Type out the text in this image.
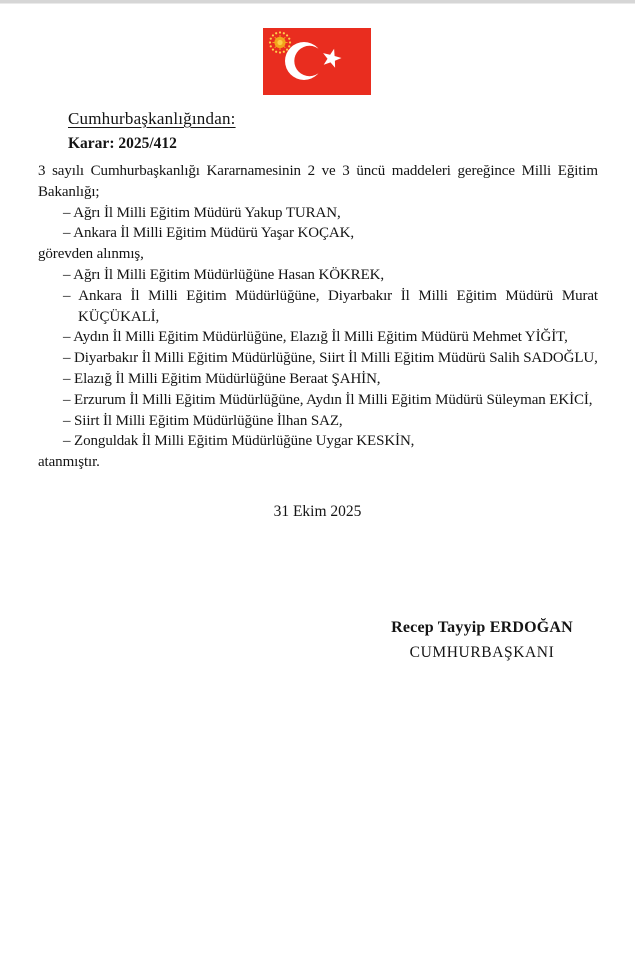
Cumhurbaşkanlığından:
Karar: 2025/412

3 sayılı Cumhurbaşkanlığı Kararnamesinin 2 ve 3 üncü maddeleri gereğince Milli Eğitim Bakanlığı;

– Ağrı İl Milli Eğitim Müdürü Yakup TURAN,

– Ankara İl Milli Eğitim Müdürü Yaşar KOÇAK,

görevden alınmış,

– Ağrı İl Milli Eğitim Müdürlüğüne Hasan KÖKREK,

– Ankara İl Milli Eğitim Müdürlüğüne, Diyarbakır İl Milli Eğitim Müdürü Murat KÜÇÜKALİ,

– Aydın İl Milli Eğitim Müdürlüğüne, Elazığ İl Milli Eğitim Müdürü Mehmet YİĞİT,

– Diyarbakır İl Milli Eğitim Müdürlüğüne, Siirt İl Milli Eğitim Müdürü Salih SADOĞLU,

– Elazığ İl Milli Eğitim Müdürlüğüne Beraat ŞAHİN,

– Erzurum İl Milli Eğitim Müdürlüğüne, Aydın İl Milli Eğitim Müdürü Süleyman EKİCİ,

– Siirt İl Milli Eğitim Müdürlüğüne İlhan SAZ,

– Zonguldak İl Milli Eğitim Müdürlüğüne Uygar KESKİN,

atanmıştır.

31 Ekim 2025
Recep Tayyip ERDOĞAN
CUMHURBAŞKANI
